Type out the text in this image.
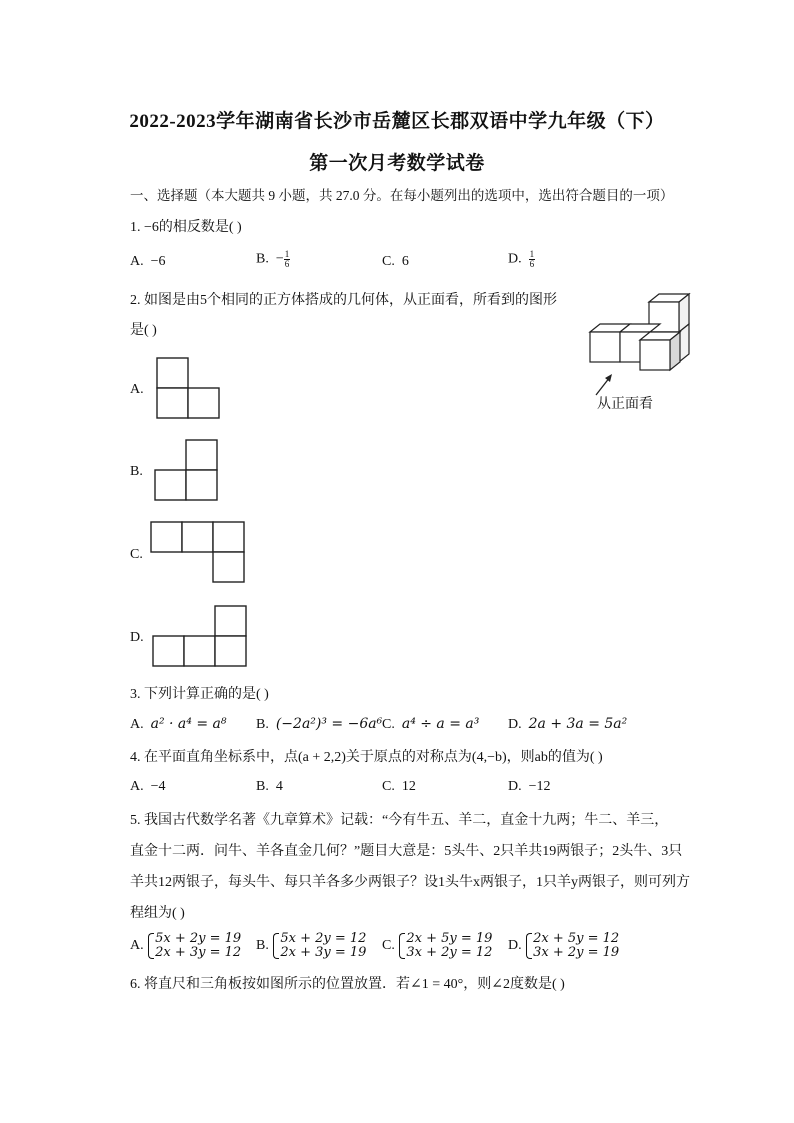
2022-2023学年湖南省长沙市岳麓区长郡双语中学九年级（下）
第一次月考数学试卷
一、选择题（本大题共 9 小题，共 27.0 分。在每小题列出的选项中，选出符合题目的一项）
1. −6的相反数是( )
A. −6	B. − $\frac{1}{6}$	C. 6	D. $\frac{1}{6}$
2. 如图是由5个相同的正方体搭成的几何体，从正面看，所看到的图形
是( )
从正面看
A.
B.
C.
D.
3. 下列计算正确的是( )
A. a² · a⁴ = a⁸ B. (−2a²)³ = −6a⁶ C. a⁴ ÷ a = a³ D. 2a + 3a = 5a²
4. 在平面直角坐标系中，点(a + 2,2)关于原点的对称点为(4,−b)，则ab的值为( )
A. −4	B. 4	C. 12	D. −12
5. 我国古代数学名著《九章算术》记载：“今有牛五、羊二，直金十九两；牛二、羊三，
直金十二两．问牛、羊各直金几何？”题目大意是：5头牛、2只羊共19两银子；2头牛、3只
羊共12两银子，每头牛、每只羊各多少两银子？设1头牛x两银子，1只羊y两银子，则可列方
程组为( )
A. 5x + 2y = 19
2x + 3y = 12 B. 5x + 2y = 12
2x + 3y = 19 C. 2x + 5y = 19
3x + 2y = 12 D. 2x + 5y = 12
3x + 2y = 19
6. 将直尺和三角板按如图所示的位置放置．若∠1 = 40°，则∠2度数是( )
